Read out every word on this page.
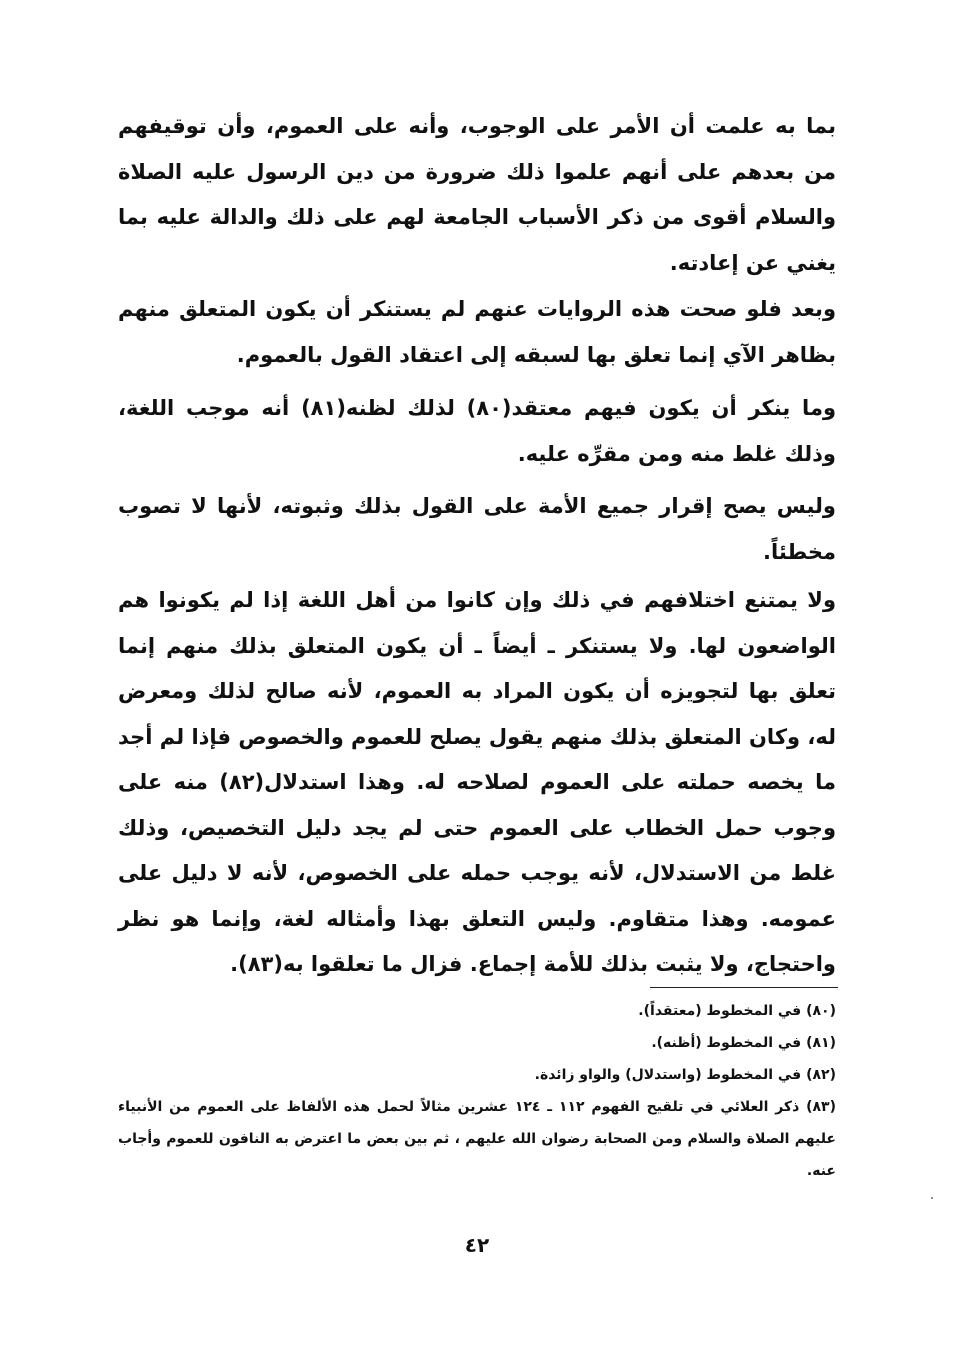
بما به علمت أن الأمر على الوجوب، وأنه على العموم، وأن توقيفهم من بعدهم على أنهم علموا ذلك ضرورة من دين الرسول عليه الصلاة والسلام أقوى من ذكر الأسباب الجامعة لهم على ذلك والدالة عليه بما يغني عن إعادته.

وبعد فلو صحت هذه الروايات عنهم لم يستنكر أن يكون المتعلق منهم بظاهر الآي إنما تعلق بها لسبقه إلى اعتقاد القول بالعموم.

وما ينكر أن يكون فيهم معتقد(٨٠) لذلك لظنه(٨١) أنه موجب اللغة، وذلك غلط منه ومن مقرِّه عليه.

وليس يصح إقرار جميع الأمة على القول بذلك وثبوته، لأنها لا تصوب مخطئاً.

ولا يمتنع اختلافهم في ذلك وإن كانوا من أهل اللغة إذا لم يكونوا هم الواضعون لها. ولا يستنكر ـ أيضاً ـ أن يكون المتعلق بذلك منهم إنما تعلق بها لتجويزه أن يكون المراد به العموم، لأنه صالح لذلك ومعرض له، وكان المتعلق بذلك منهم يقول يصلح للعموم والخصوص فإذا لم أجد ما يخصه حملته على العموم لصلاحه له. وهذا استدلال(٨٢) منه على وجوب حمل الخطاب على العموم حتى لم يجد دليل التخصيص، وذلك غلط من الاستدلال، لأنه يوجب حمله على الخصوص، لأنه لا دليل على عمومه. وهذا متقاوم. وليس التعلق بهذا وأمثاله لغة، وإنما هو نظر واحتجاج، ولا يثبت بذلك للأمة إجماع. فزال ما تعلقوا به(٨٣).

(٨٠) في المخطوط (معتقداً).

(٨١) في المخطوط (أظنه).

(٨٢) في المخطوط (واستدلال) والواو زائدة.

(٨٣) ذكر العلائي في تلقيح الفهوم ١١٢ ـ ١٢٤ عشرين مثالاً لحمل هذه الألفاظ على العموم من الأنبياء عليهم الصلاة والسلام ومن الصحابة رضوان الله عليهم ، ثم بين بعض ما اعترض به النافون للعموم وأجاب عنه.

٤٢
